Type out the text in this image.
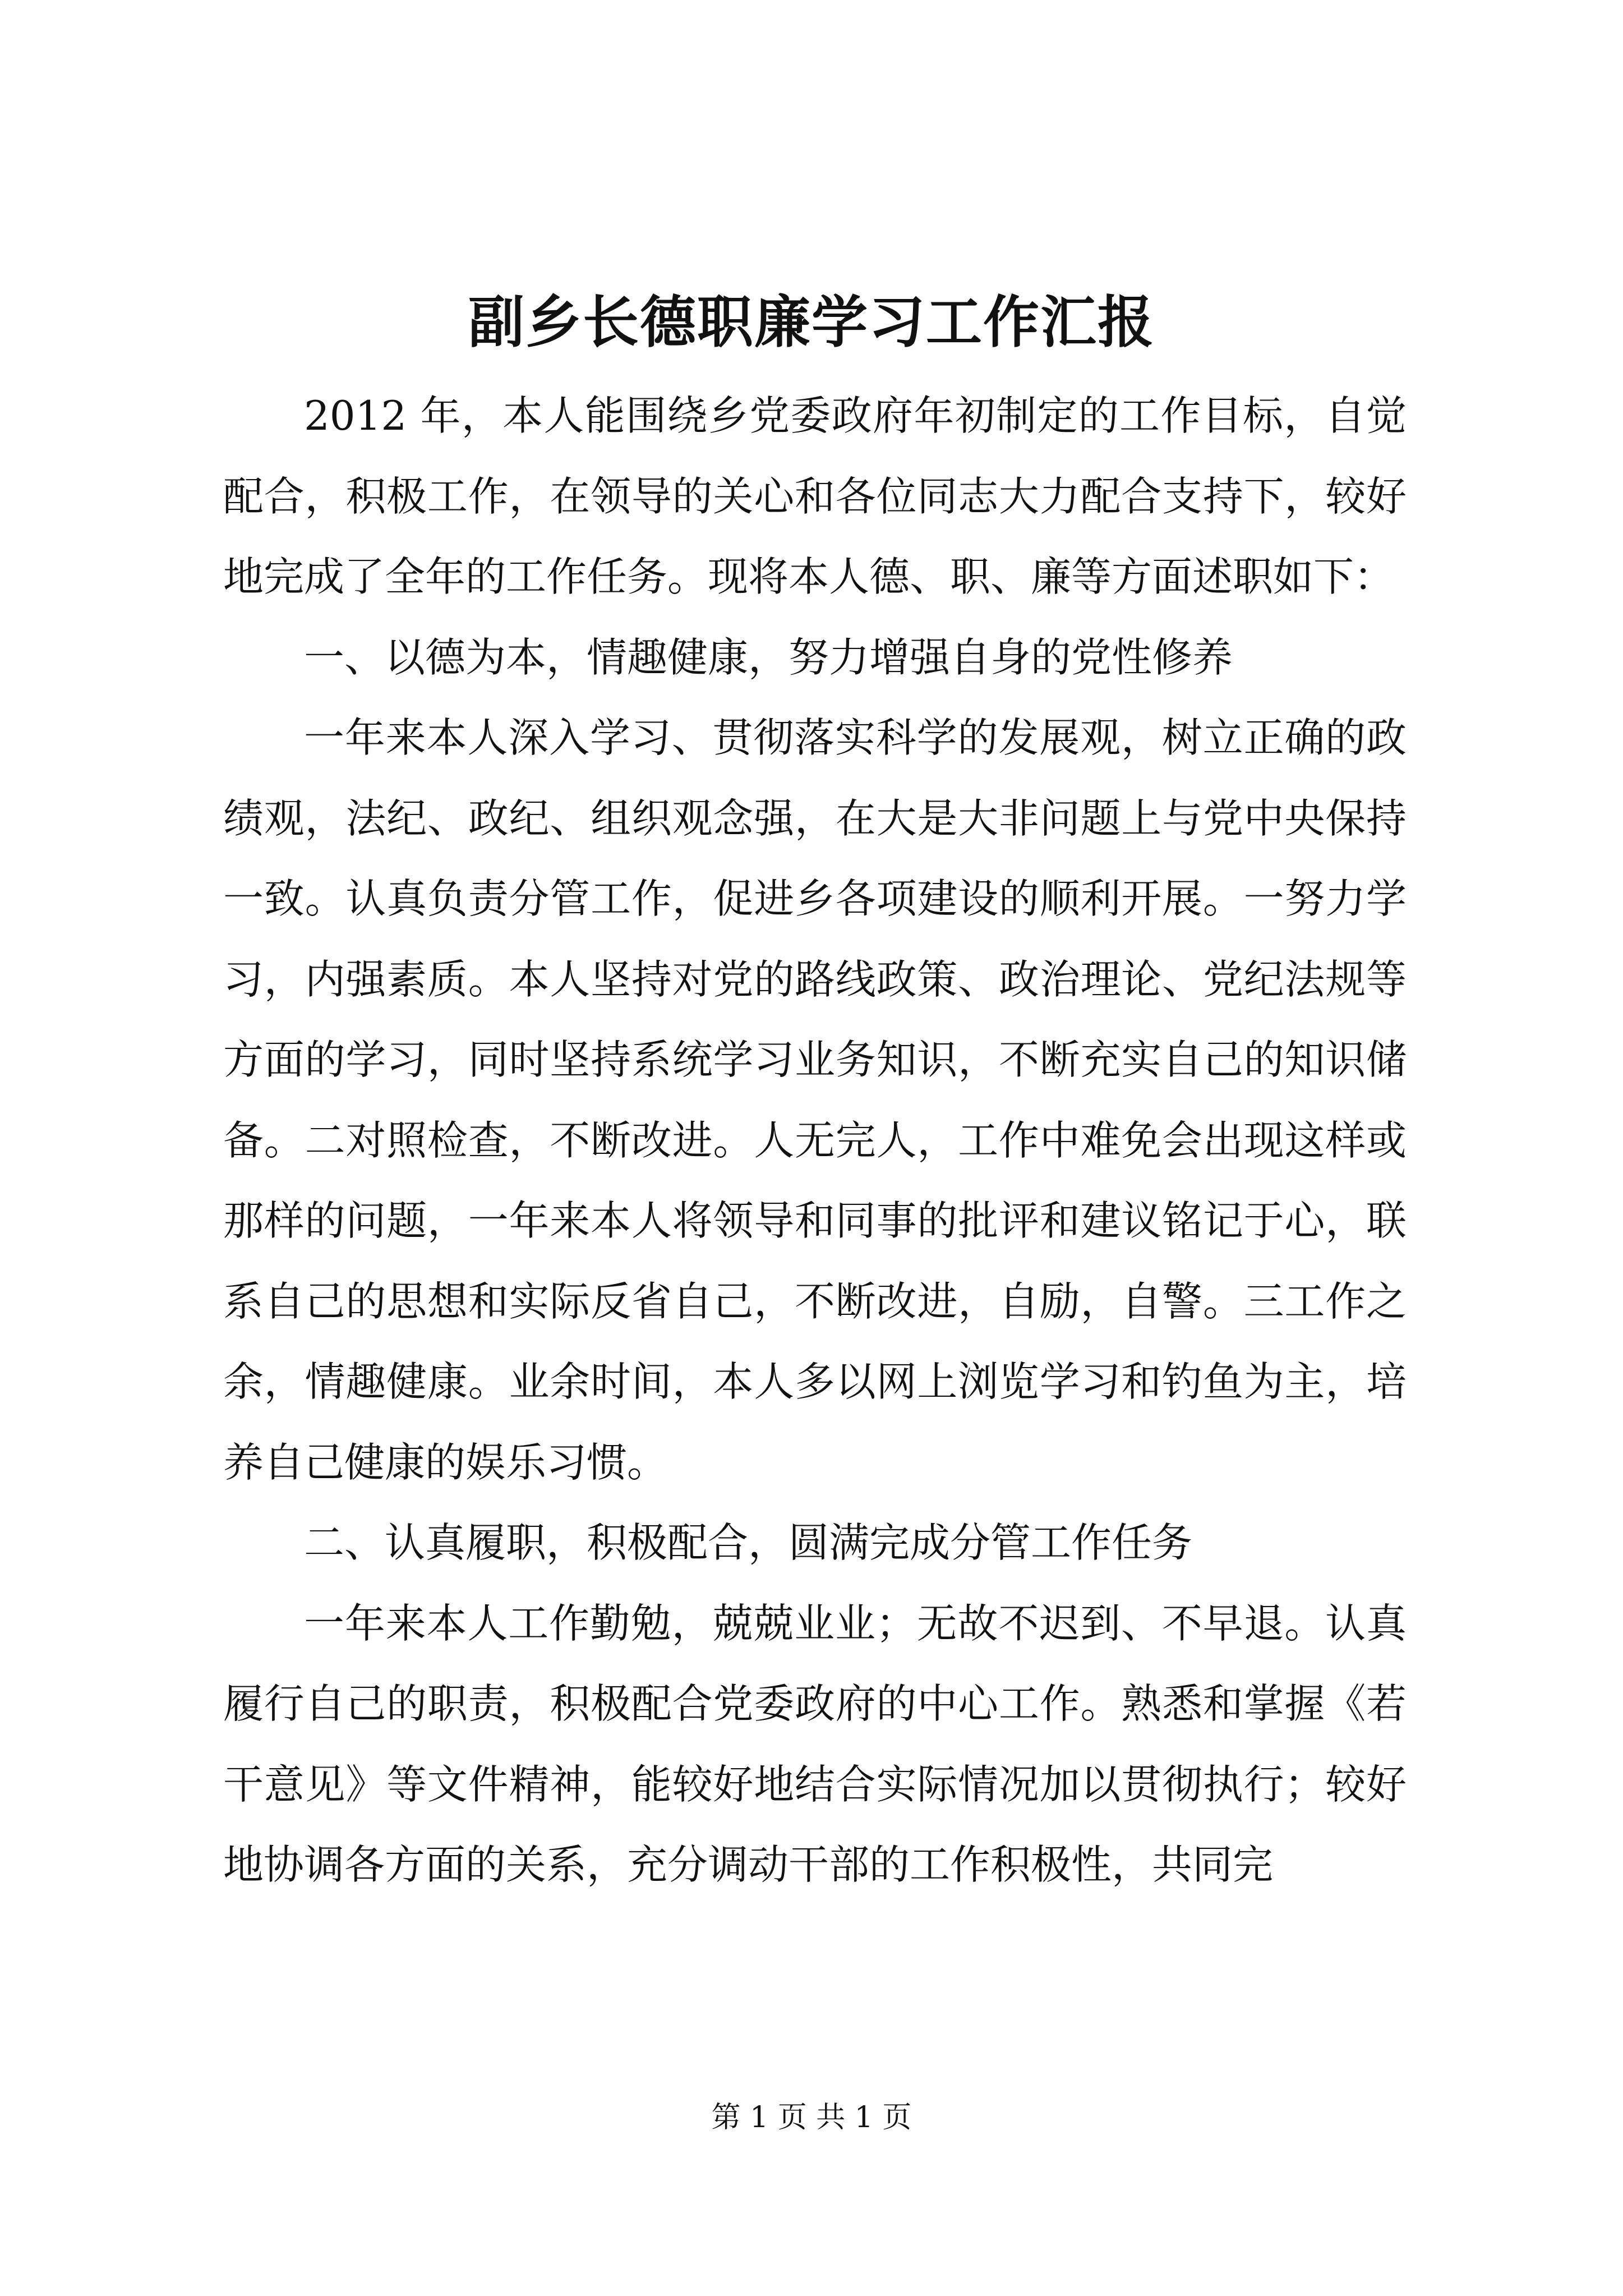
副乡长德职廉学习工作汇报

2012 年，本人能围绕乡党委政府年初制定的工作目标，自觉配合，积极工作，在领导的关心和各位同志大力配合支持下，较好地完成了全年的工作任务。现将本人德、职、廉等方面述职如下：

一、以德为本，情趣健康，努力增强自身的党性修养

一年来本人深入学习、贯彻落实科学的发展观，树立正确的政绩观，法纪、政纪、组织观念强，在大是大非问题上与党中央保持一致。认真负责分管工作，促进乡各项建设的顺利开展。一努力学习，内强素质。本人坚持对党的路线政策、政治理论、党纪法规等方面的学习，同时坚持系统学习业务知识，不断充实自己的知识储备。二对照检查，不断改进。人无完人，工作中难免会出现这样或那样的问题，一年来本人将领导和同事的批评和建议铭记于心，联系自己的思想和实际反省自己，不断改进，自励，自警。三工作之余，情趣健康。业余时间，本人多以网上浏览学习和钓鱼为主，培养自己健康的娱乐习惯。

二、认真履职，积极配合，圆满完成分管工作任务

一年来本人工作勤勉，兢兢业业；无故不迟到、不早退。认真履行自己的职责，积极配合党委政府的中心工作。熟悉和掌握《若干意见》等文件精神，能较好地结合实际情况加以贯彻执行；较好地协调各方面的关系，充分调动干部的工作积极性，共同完

第 1 页 共 1 页
